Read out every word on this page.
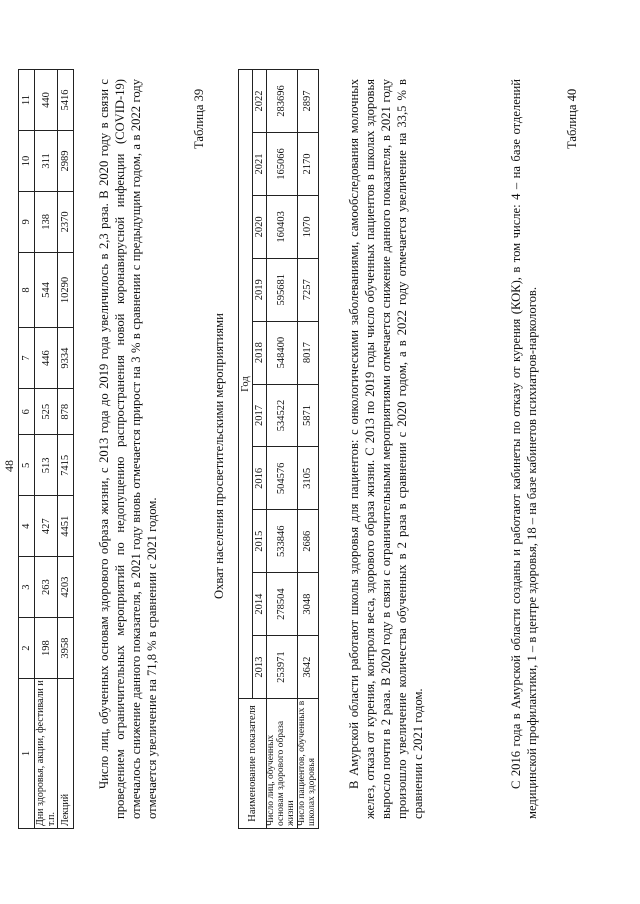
48
1	2	3	4	5	6	7	8	9	10	11
Дни здоровья, акции, фестивали и т.п.	198	263	427	513	525	446	544	138	311	440
Лекций	3958	4203	4451	7415	878	9334	10290	2370	2989	5416 Число лиц, обученных основам здорового образа жизни, с 2013 года до 2019 года увеличилось в 2,3 раза. В 2020 году в связи с проведением ограничительных мероприятий по недопущению распространения новой коронавирусной инфекции (COVID-19) отмечалось снижение данного показателя, в 2021 году вновь отмечается прирост на 3 % в сравнении с предыдущим годом, а в 2022 году отмечается увеличение на 71,8 % в сравнении с 2021 годом.

Таблица 39
Охват населения просветительскими мероприятиями
Наименование показателя	Год									
	2013	2014	2015	2016	2017	2018	2019	2020	2021	2022
Число лиц, обученных основам здорового образа жизни	253971	278504	533846	504576	534522	548400	595681	160403	165066	283696
Число пациентов, обученных в школах здоровья	3642	3048	2686	3105	5871	8017	7257	1070	2170	2897	В Амурской области работают школы здоровья для пациентов: с онкологическими заболеваниями, самообследования молочных желез, отказа от курения, контроля веса, здорового образа жизни. С 2013 по 2019 годы число обученных пациентов в школах здоровья выросло почти в 2 раза. В 2020 году в связи с ограничительными мероприятиями отмечается снижение данного показателя, в 2021 году произошло увеличение количества обученных в 2 раза в сравнении с 2020 годом, а в 2022 году отмечается увеличение на 33,5 % в сравнении с 2021 годом.	С 2016 года в Амурской области созданы и работают кабинеты по отказу от курения (КОК), в том числе: 4 – на базе отделений медицинской профилактики, 1 – в центре здоровья, 18 – на базе кабинетов психиатров-наркологов.

Таблица 40
